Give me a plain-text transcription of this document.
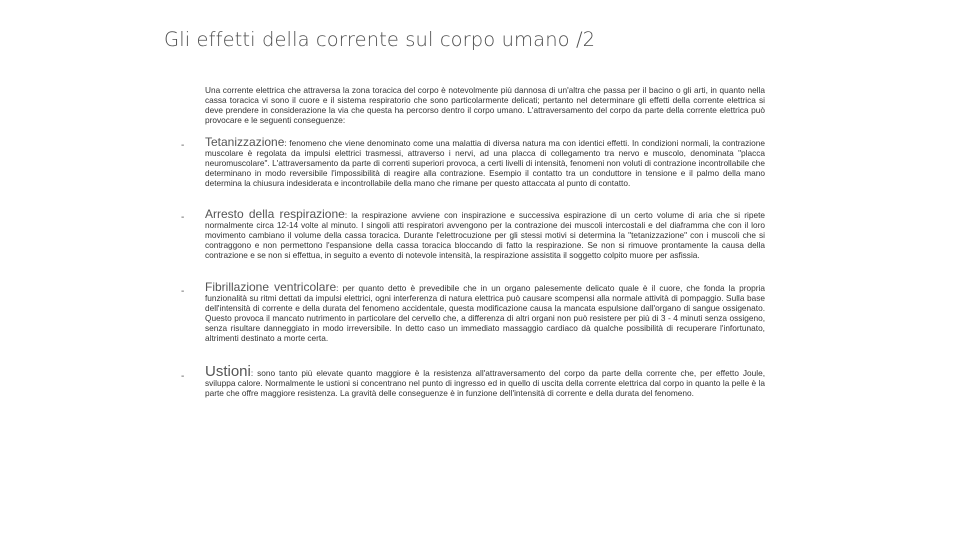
Gli effetti della corrente sul corpo umano /2
Una corrente elettrica che attraversa la zona toracica del corpo è notevolmente più dannosa di un'altra che passa per il bacino o gli arti, in quanto nella cassa toracica vi sono il cuore e il sistema respiratorio che sono particolarmente delicati; pertanto nel determinare gli effetti della corrente elettrica si deve prendere in considerazione la via che questa ha percorso dentro il corpo umano. L'attraversamento del corpo da parte della corrente elettrica può provocare e le seguenti conseguenze:
- Tetanizzazione: fenomeno che viene denominato come una malattia di diversa natura ma con identici effetti. In condizioni normali, la contrazione muscolare è regolata da impulsi elettrici trasmessi, attraverso i nervi, ad una placca di collegamento tra nervo e muscolo, denominata "placca neuromuscolare". L'attraversamento da parte di correnti superiori provoca, a certi livelli di intensità, fenomeni non voluti di contrazione incontrollabile che determinano in modo reversibile l'impossibilità di reagire alla contrazione. Esempio il contatto tra un conduttore in tensione e il palmo della mano determina la chiusura indesiderata e incontrollabile della mano che rimane per questo attaccata al punto di contatto.
- Arresto della respirazione: la respirazione avviene con inspirazione e successiva espirazione di un certo volume di aria che si ripete normalmente circa 12-14 volte al minuto. I singoli atti respiratori avvengono per la contrazione dei muscoli intercostali e del diaframma che con il loro movimento cambiano il volume della cassa toracica. Durante l'elettrocuzione per gli stessi motivi si determina la "tetanizzazione" con i muscoli che si contraggono e non permettono l'espansione della cassa toracica bloccando di fatto la respirazione. Se non si rimuove prontamente la causa della contrazione e se non si effettua, in seguito a evento di notevole intensità, la respirazione assistita il soggetto colpito muore per asfissia.
- Fibrillazione ventricolare: per quanto detto è prevedibile che in un organo palesemente delicato quale è il cuore, che fonda la propria funzionalità su ritmi dettati da impulsi elettrici, ogni interferenza di natura elettrica può causare scompensi alla normale attività di pompaggio. Sulla base dell'intensità di corrente e della durata del fenomeno accidentale, questa modificazione causa la mancata espulsione dall'organo di sangue ossigenato. Questo provoca il mancato nutrimento in particolare del cervello che, a differenza di altri organi non può resistere per più di 3 - 4 minuti senza ossigeno, senza risultare danneggiato in modo irreversibile. In detto caso un immediato massaggio cardiaco dà qualche possibilità di recuperare l'infortunato, altrimenti destinato a morte certa.
- Ustioni: sono tanto più elevate quanto maggiore è la resistenza all'attraversamento del corpo da parte della corrente che, per effetto Joule, sviluppa calore. Normalmente le ustioni si concentrano nel punto di ingresso ed in quello di uscita della corrente elettrica dal corpo in quanto la pelle è la parte che offre maggiore resistenza. La gravità delle conseguenze è in funzione dell'intensità di corrente e della durata del fenomeno.
